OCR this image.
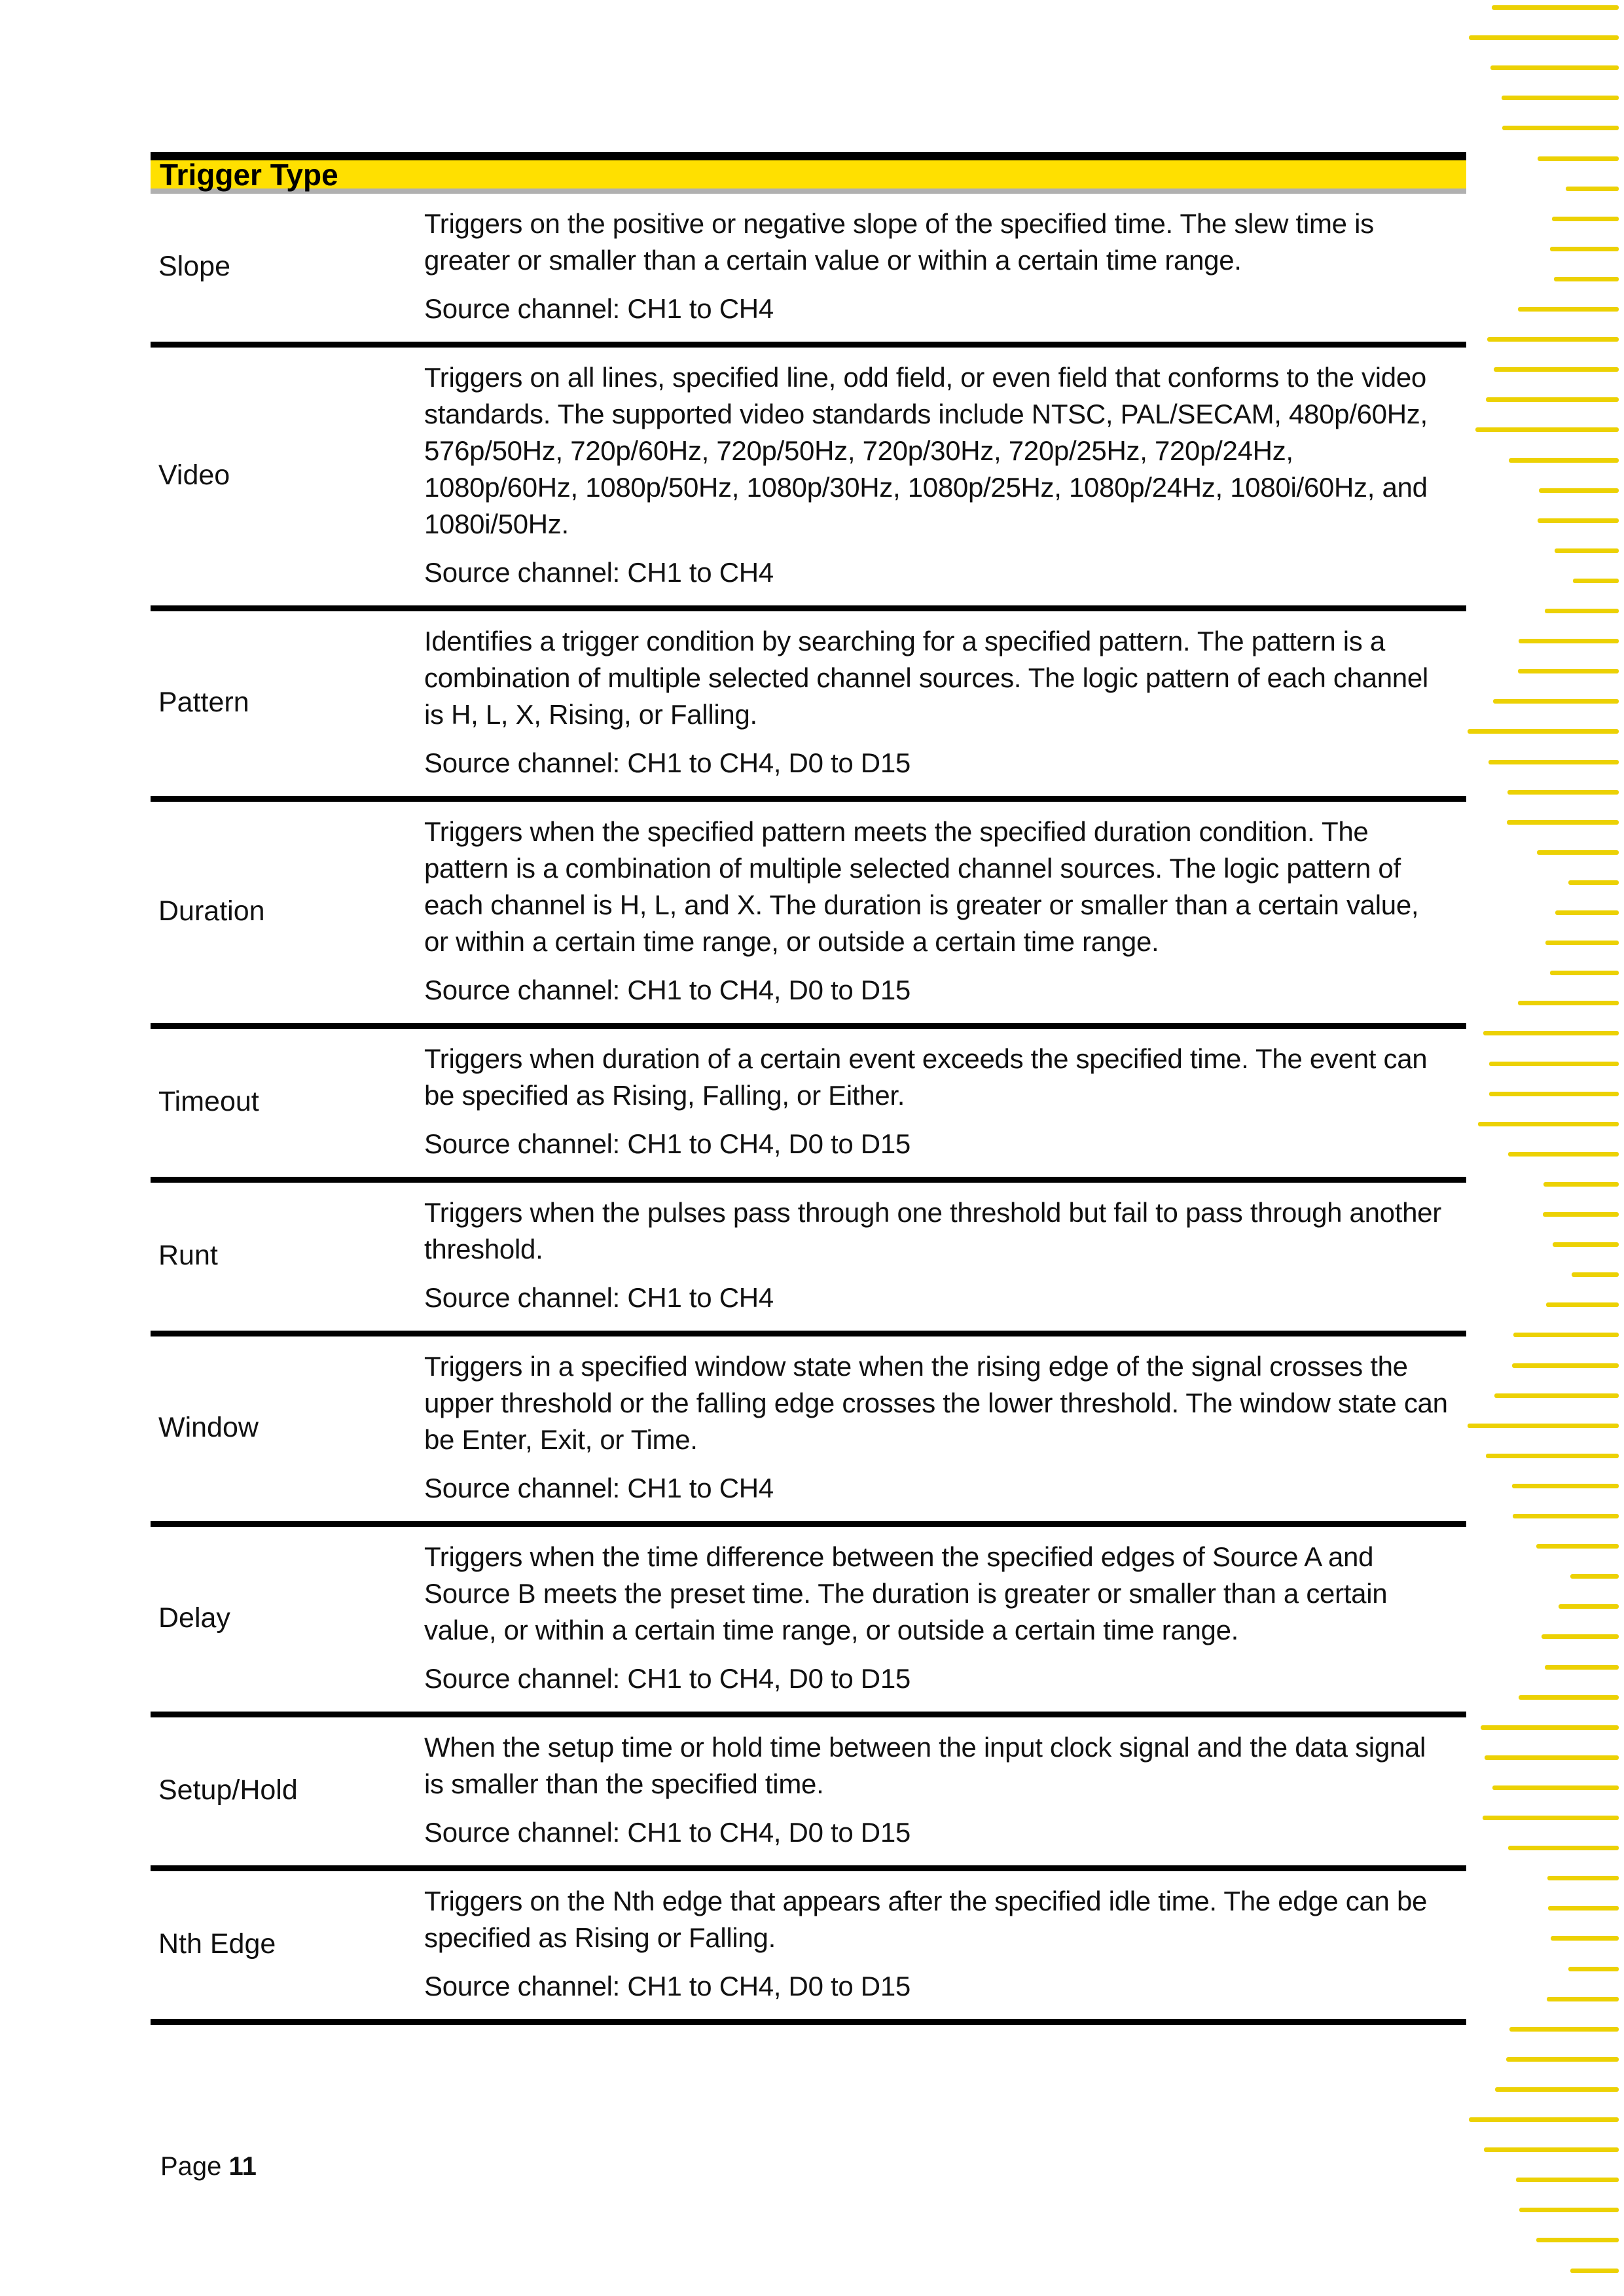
Trigger Type
Slope
Triggers on the positive or negative slope of the specified time. The slew time is greater or smaller than a certain value or within a certain time range.
Source channel: CH1 to CH4
Video
Triggers on all lines, specified line, odd field, or even field that conforms to the video standards. The supported video standards include NTSC, PAL/SECAM, 480p/60Hz, 576p/50Hz, 720p/60Hz, 720p/50Hz, 720p/30Hz, 720p/25Hz, 720p/24Hz, 1080p/60Hz, 1080p/50Hz, 1080p/30Hz, 1080p/25Hz, 1080p/24Hz, 1080i/60Hz, and 1080i/50Hz.
Source channel: CH1 to CH4
Pattern
Identifies a trigger condition by searching for a specified pattern. The pattern is a combination of multiple selected channel sources. The logic pattern of each channel is H, L, X, Rising, or Falling.
Source channel: CH1 to CH4, D0 to D15
Duration
Triggers when the specified pattern meets the specified duration condition. The pattern is a combination of multiple selected channel sources. The logic pattern of each channel is H, L, and X. The duration is greater or smaller than a certain value, or within a certain time range, or outside a certain time range.
Source channel: CH1 to CH4, D0 to D15
Timeout
Triggers when duration of a certain event exceeds the specified time. The event can be specified as Rising, Falling, or Either.
Source channel: CH1 to CH4, D0 to D15
Runt
Triggers when the pulses pass through one threshold but fail to pass through another threshold.
Source channel: CH1 to CH4
Window
Triggers in a specified window state when the rising edge of the signal crosses the upper threshold or the falling edge crosses the lower threshold. The window state can be Enter, Exit, or Time.
Source channel: CH1 to CH4
Delay
Triggers when the time difference between the specified edges of Source A and Source B meets the preset time. The duration is greater or smaller than a certain value, or within a certain time range, or outside a certain time range.
Source channel: CH1 to CH4, D0 to D15
Setup/Hold
When the setup time or hold time between the input clock signal and the data signal is smaller than the specified time.
Source channel: CH1 to CH4, D0 to D15
Nth Edge
Triggers on the Nth edge that appears after the specified idle time. The edge can be specified as Rising or Falling.
Source channel: CH1 to CH4, D0 to D15
Page 11
